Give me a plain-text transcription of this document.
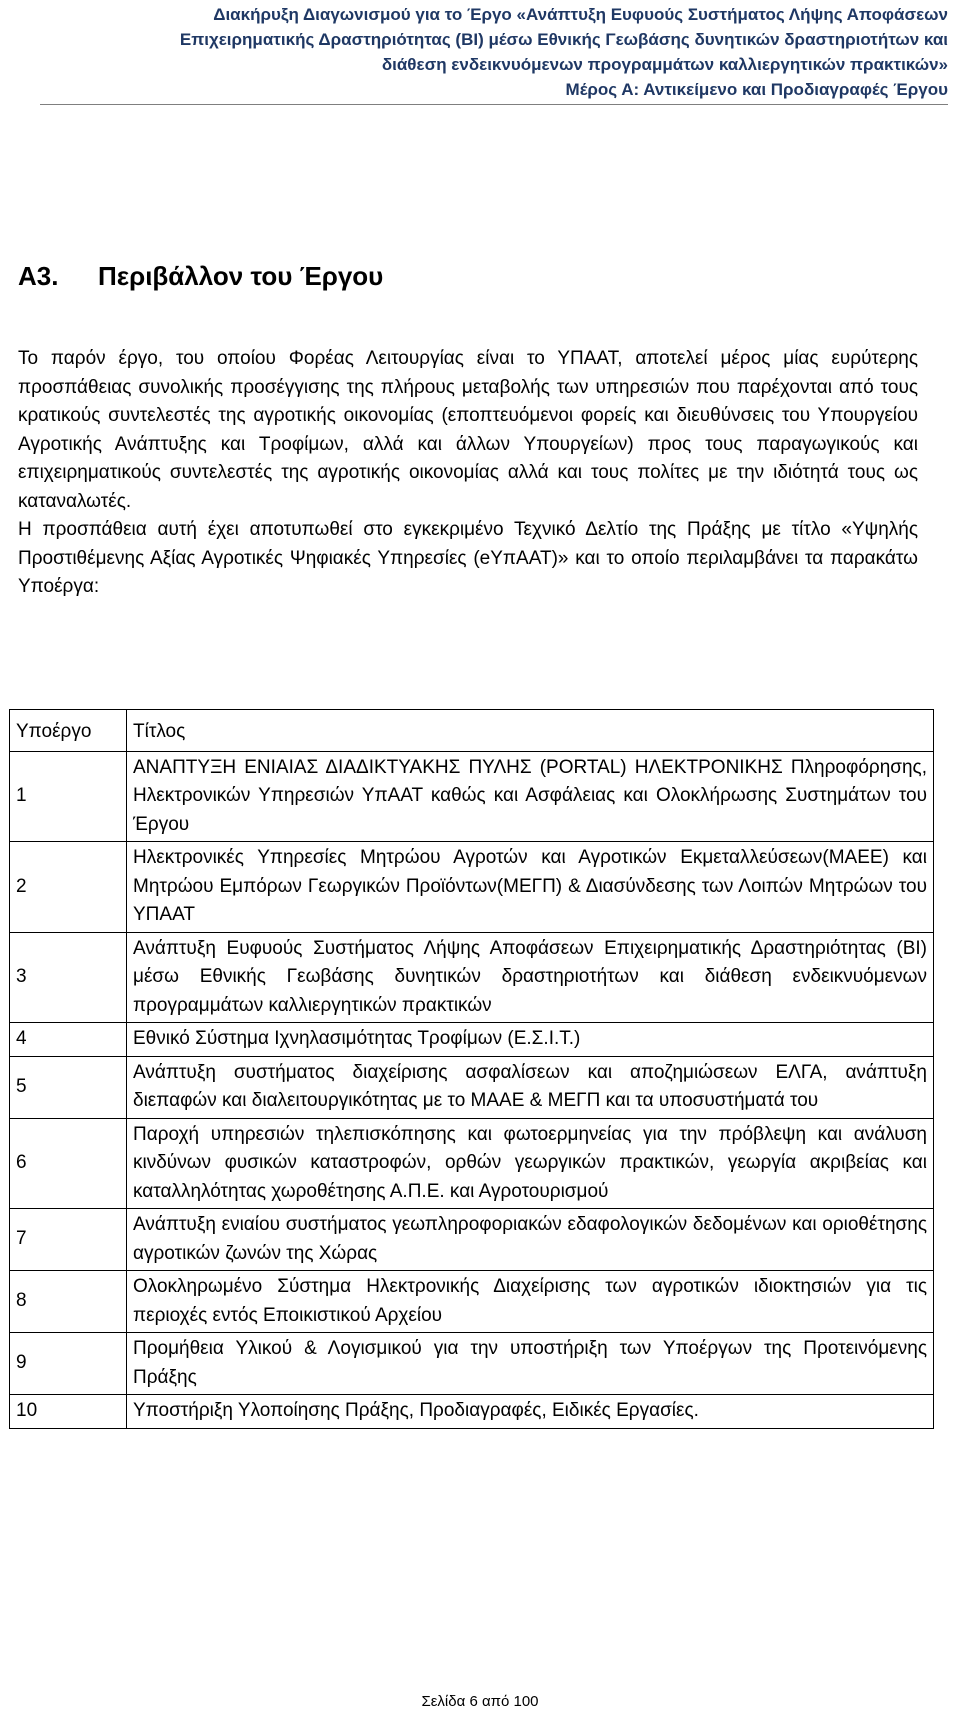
Διακήρυξη Διαγωνισμού για το Έργο «Ανάπτυξη Ευφυούς Συστήματος Λήψης Αποφάσεων
Επιχειρηματικής Δραστηριότητας (ΒΙ) μέσω Εθνικής Γεωβάσης δυνητικών δραστηριοτήτων και
διάθεση ενδεικνυόμενων προγραμμάτων καλλιεργητικών πρακτικών»
Μέρος Α: Αντικείμενο και Προδιαγραφές Έργου
Α3. Περιβάλλον του Έργου

Το παρόν έργο, του οποίου Φορέας Λειτουργίας είναι το ΥΠΑΑΤ, αποτελεί μέρος μίας ευρύτερης προσπάθειας συνολικής προσέγγισης της πλήρους μεταβολής των υπηρεσιών που παρέχονται από τους κρατικούς συντελεστές της αγροτικής οικονομίας (εποπτευόμενοι φορείς και διευθύνσεις του Υπουργείου Αγροτικής Ανάπτυξης και Τροφίμων, αλλά και άλλων Υπουργείων) προς τους παραγωγικούς και επιχειρηματικούς συντελεστές της αγροτικής οικονομίας αλλά και τους πολίτες με την ιδιότητά τους ως καταναλωτές.

Η προσπάθεια αυτή έχει αποτυπωθεί στο εγκεκριμένο Τεχνικό Δελτίο της Πράξης με τίτλο «Υψηλής Προστιθέμενης Αξίας Αγροτικές Ψηφιακές Υπηρεσίες (eΥπΑΑΤ)» και το οποίο περιλαμβάνει τα παρακάτω Υποέργα:

Υποέργο	Τίτλος
1	ΑΝΑΠΤΥΞΗ ΕΝΙΑΙΑΣ ΔΙΑΔΙΚΤΥΑΚΗΣ ΠΥΛΗΣ (PORTAL) ΗΛΕΚΤΡΟΝΙΚΗΣ Πληροφόρησης, Ηλεκτρονικών Υπηρεσιών ΥπΑΑΤ καθώς και Ασφάλειας και Ολοκλήρωσης Συστημάτων του Έργου
2	Ηλεκτρονικές Υπηρεσίες Μητρώου Αγροτών και Αγροτικών Εκμεταλλεύσεων(ΜΑΕΕ) και Μητρώου Εμπόρων Γεωργικών Προϊόντων(ΜΕΓΠ) & Διασύνδεσης των Λοιπών Μητρώων του ΥΠΑΑΤ
3	Ανάπτυξη Ευφυούς Συστήματος Λήψης Αποφάσεων Επιχειρηματικής Δραστηριότητας (ΒΙ) μέσω Εθνικής Γεωβάσης δυνητικών δραστηριοτήτων και διάθεση ενδεικνυόμενων προγραμμάτων καλλιεργητικών πρακτικών
4	Εθνικό Σύστημα Ιχνηλασιμότητας Τροφίμων (Ε.Σ.Ι.Τ.)
5	Ανάπτυξη συστήματος διαχείρισης ασφαλίσεων και αποζημιώσεων ΕΛΓΑ, ανάπτυξη διεπαφών και διαλειτουργικότητας με το ΜΑΑΕ & ΜΕΓΠ και τα υποσυστήματά του
6	Παροχή υπηρεσιών τηλεπισκόπησης και φωτοερμηνείας για την πρόβλεψη και ανάλυση κινδύνων φυσικών καταστροφών, ορθών γεωργικών πρακτικών, γεωργία ακριβείας και καταλληλότητας χωροθέτησης Α.Π.Ε. και Αγροτουρισμού
7	Ανάπτυξη ενιαίου συστήματος γεωπληροφοριακών εδαφολογικών δεδομένων και οριοθέτησης αγροτικών ζωνών της Χώρας
8	Ολοκληρωμένο Σύστημα Ηλεκτρονικής Διαχείρισης των αγροτικών ιδιοκτησιών για τις περιοχές εντός Εποικιστικού Αρχείου
9	Προμήθεια Υλικού & Λογισμικού για την υποστήριξη των Υποέργων της Προτεινόμενης Πράξης
10	Υποστήριξη Υλοποίησης Πράξης, Προδιαγραφές, Ειδικές Εργασίες.
Σελίδα 6 από 100
